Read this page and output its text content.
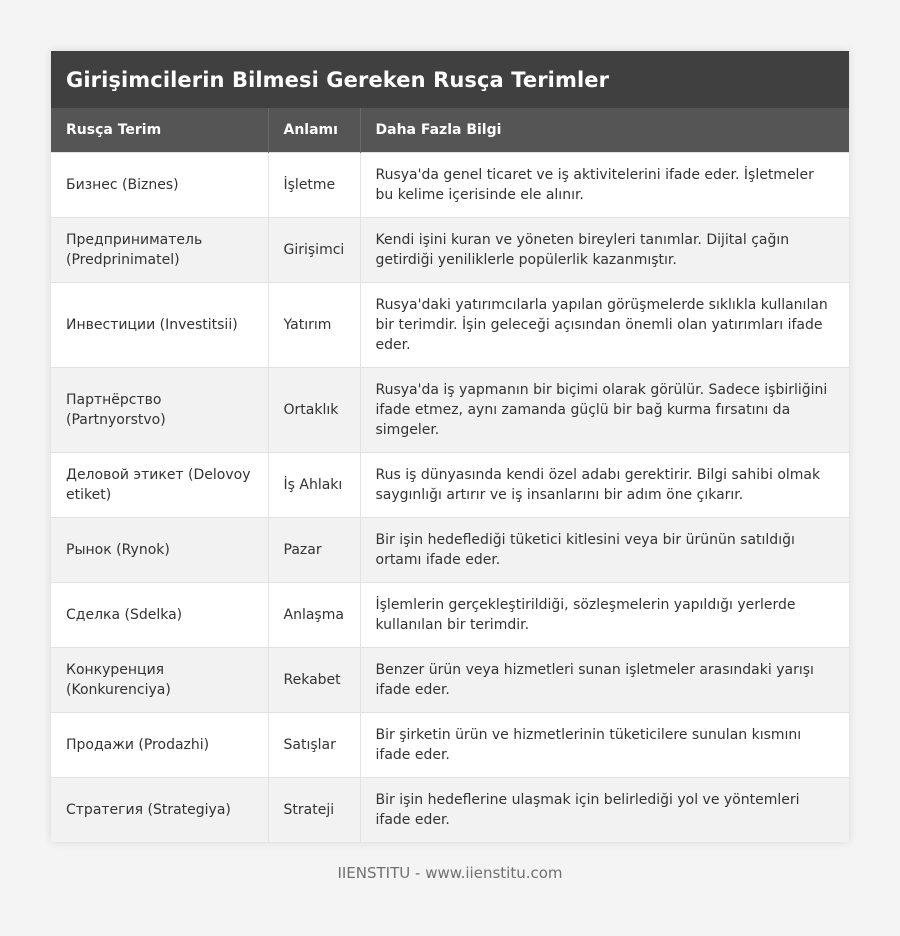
Girişimcilerin Bilmesi Gereken Rusça Terimler
Rusça Terim	Anlamı	Daha Fazla Bilgi
Бизнес (Biznes)	İşletme	Rusya'da genel ticaret ve iş aktivitelerini ifade eder. İşletmeler bu kelime içerisinde ele alınır.
Предприниматель (Predprinimatel)	Girişimci	Kendi işini kuran ve yöneten bireyleri tanımlar. Dijital çağın getirdiği yeniliklerle popülerlik kazanmıştır.
Инвестиции (Investitsii)	Yatırım	Rusya'daki yatırımcılarla yapılan görüşmelerde sıklıkla kullanılan bir terimdir. İşin geleceği açısından önemli olan yatırımları ifade eder.
Партнёрство (Partnyorstvo)	Ortaklık	Rusya'da iş yapmanın bir biçimi olarak görülür. Sadece işbirliğini ifade etmez, aynı zamanda güçlü bir bağ kurma fırsatını da simgeler.
Деловой этикет (Delovoy etiket)	İş Ahlakı	Rus iş dünyasında kendi özel adabı gerektirir. Bilgi sahibi olmak saygınlığı artırır ve iş insanlarını bir adım öne çıkarır.
Рынок (Rynok)	Pazar	Bir işin hedeflediği tüketici kitlesini veya bir ürünün satıldığı ortamı ifade eder.
Сделка (Sdelka)	Anlaşma	İşlemlerin gerçekleştirildiği, sözleşmelerin yapıldığı yerlerde kullanılan bir terimdir.
Конкуренция (Konkurenciya)	Rekabet	Benzer ürün veya hizmetleri sunan işletmeler arasındaki yarışı ifade eder.
Продажи (Prodazhi)	Satışlar	Bir şirketin ürün ve hizmetlerinin tüketicilere sunulan kısmını ifade eder.
Стратегия (Strategiya)	Strateji	Bir işin hedeflerine ulaşmak için belirlediği yol ve yöntemleri ifade eder.
IIENSTITU - www.iienstitu.com
